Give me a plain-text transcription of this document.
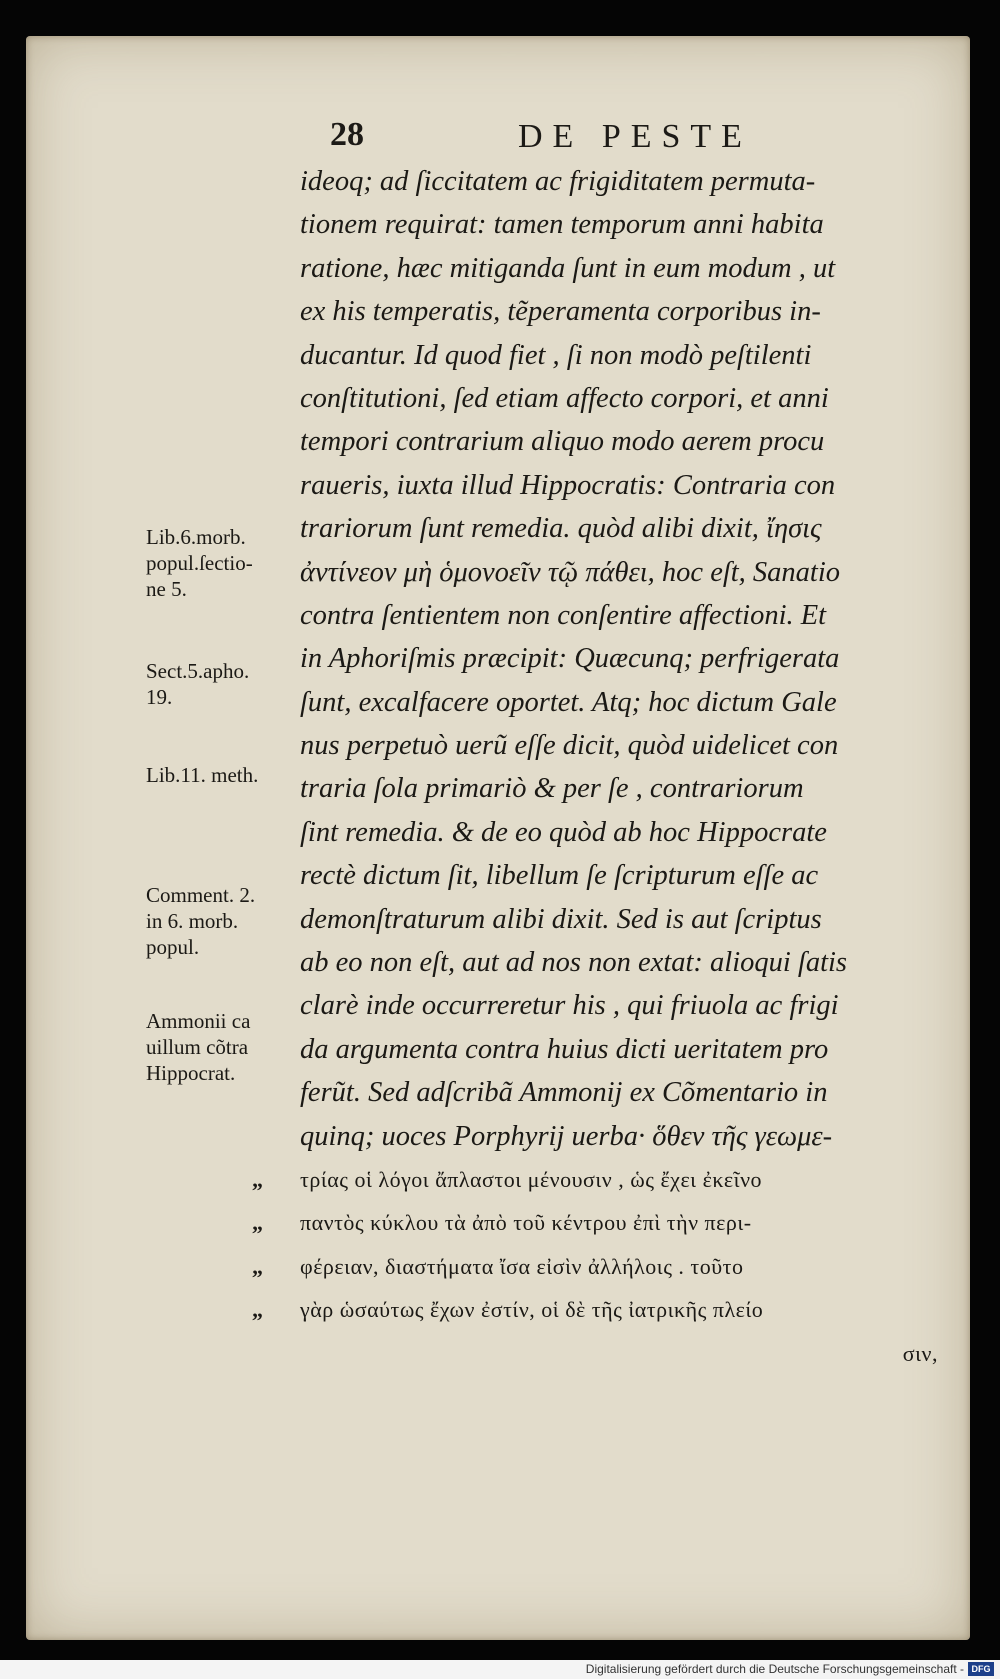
28	DE PESTE
ideoq; ad ſiccitatem ac frigiditatem permuta-
tionem requirat: tamen temporum anni habita
ratione, hæc mitiganda ſunt in eum modum , ut
ex his temperatis, tẽperamenta corporibus in-
ducantur. Id quod fiet , ſi non modò peſtilenti
conſtitutioni, ſed etiam affecto corpori, et anni
tempori contrarium aliquo modo aerem procu
raueris, iuxta illud Hippocratis: Contraria con
trariorum ſunt remedia. quòd alibi dixit, ἴησις
ἀντίνεον μὴ ὁμονοεῖν τῷ πάθει, hoc eſt, Sanatio
contra ſentientem non conſentire affectioni. Et
in Aphoriſmis præcipit: Quæcunq; perfrigerata
ſunt, excalfacere oportet. Atq; hoc dictum Gale
nus perpetuò uerũ eſſe dicit, quòd uidelicet con
traria ſola primariò & per ſe , contrariorum
ſint remedia. & de eo quòd ab hoc Hippocrate
rectè dictum ſit, libellum ſe ſcripturum eſſe ac
demonſtraturum alibi dixit. Sed is aut ſcriptus
ab eo non eſt, aut ad nos non extat: alioqui ſatis
clarè inde occurreretur his , qui friuola ac frigi
da argumenta contra huius dicti ueritatem pro
ferũt. Sed adſcribã Ammonij ex Cõmentario in
quinq; uoces Porphyrij uerba· ὅθεν τῆς γεωμε-
„ τρίας οἱ λόγοι ἄπλαστοι μένουσιν , ὡς ἔχει ἐκεῖνο
„ παντὸς κύκλου τὰ ἀπὸ τοῦ κέντρου ἐπὶ τὴν περι-
„ φέρειαν, διαστήματα ἴσα εἰσὶν ἀλλήλοις . τοῦτο
„ γὰρ ὡσαύτως ἔχων ἐστίν, οἱ δὲ τῆς ἰατρικῆς πλείο
σιν,
Lib.6.morb.
popul.ſectio-
ne 5.
Sect.5.apho.
19.
Lib.11. meth.
Comment. 2.
in 6. morb.
popul.
Ammonii ca
uillum cõtra
Hippocrat.
Digitalisierung gefördert durch die Deutsche Forschungsgemeinschaft - DFG
